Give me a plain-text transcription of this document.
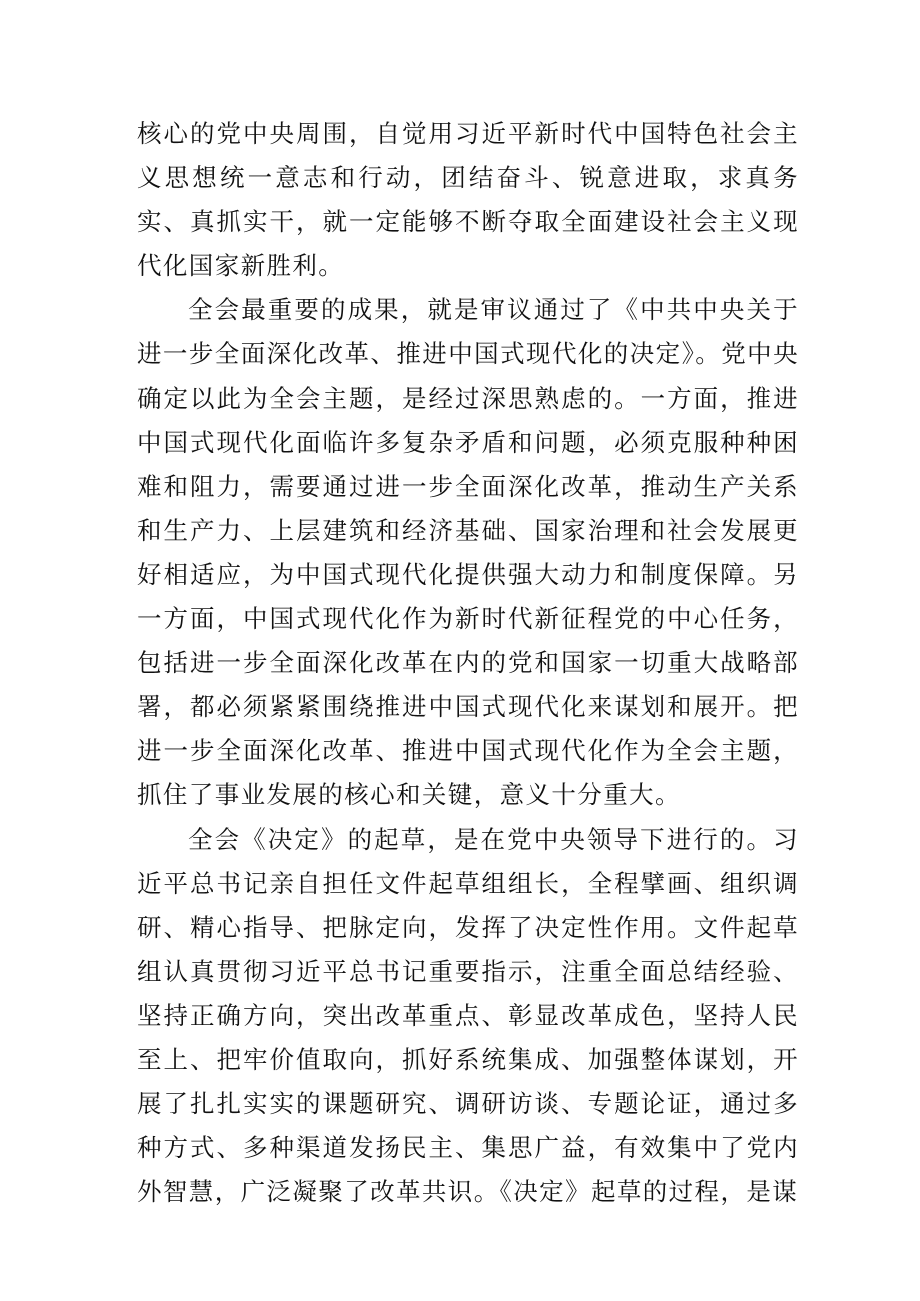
核心的党中央周围，自觉用习近平新时代中国特色社会主义思想统一意志和行动，团结奋斗、锐意进取，求真务实、真抓实干，就一定能够不断夺取全面建设社会主义现代化国家新胜利。

全会最重要的成果，就是审议通过了《中共中央关于进一步全面深化改革、推进中国式现代化的决定》。党中央确定以此为全会主题，是经过深思熟虑的。一方面，推进中国式现代化面临许多复杂矛盾和问题，必须克服种种困难和阻力，需要通过进一步全面深化改革，推动生产关系和生产力、上层建筑和经济基础、国家治理和社会发展更好相适应，为中国式现代化提供强大动力和制度保障。另一方面，中国式现代化作为新时代新征程党的中心任务，包括进一步全面深化改革在内的党和国家一切重大战略部署，都必须紧紧围绕推进中国式现代化来谋划和展开。把进一步全面深化改革、推进中国式现代化作为全会主题，抓住了事业发展的核心和关键，意义十分重大。

全会《决定》的起草，是在党中央领导下进行的。习近平总书记亲自担任文件起草组组长，全程擘画、组织调研、精心指导、把脉定向，发挥了决定性作用。文件起草组认真贯彻习近平总书记重要指示，注重全面总结经验、坚持正确方向，突出改革重点、彰显改革成色，坚持人民至上、把牢价值取向，抓好系统集成、加强整体谋划，开展了扎扎实实的课题研究、调研访谈、专题论证，通过多种方式、多种渠道发扬民主、集思广益，有效集中了党内外智慧，广泛凝聚了改革共识。《决定》起草的过程，是谋
